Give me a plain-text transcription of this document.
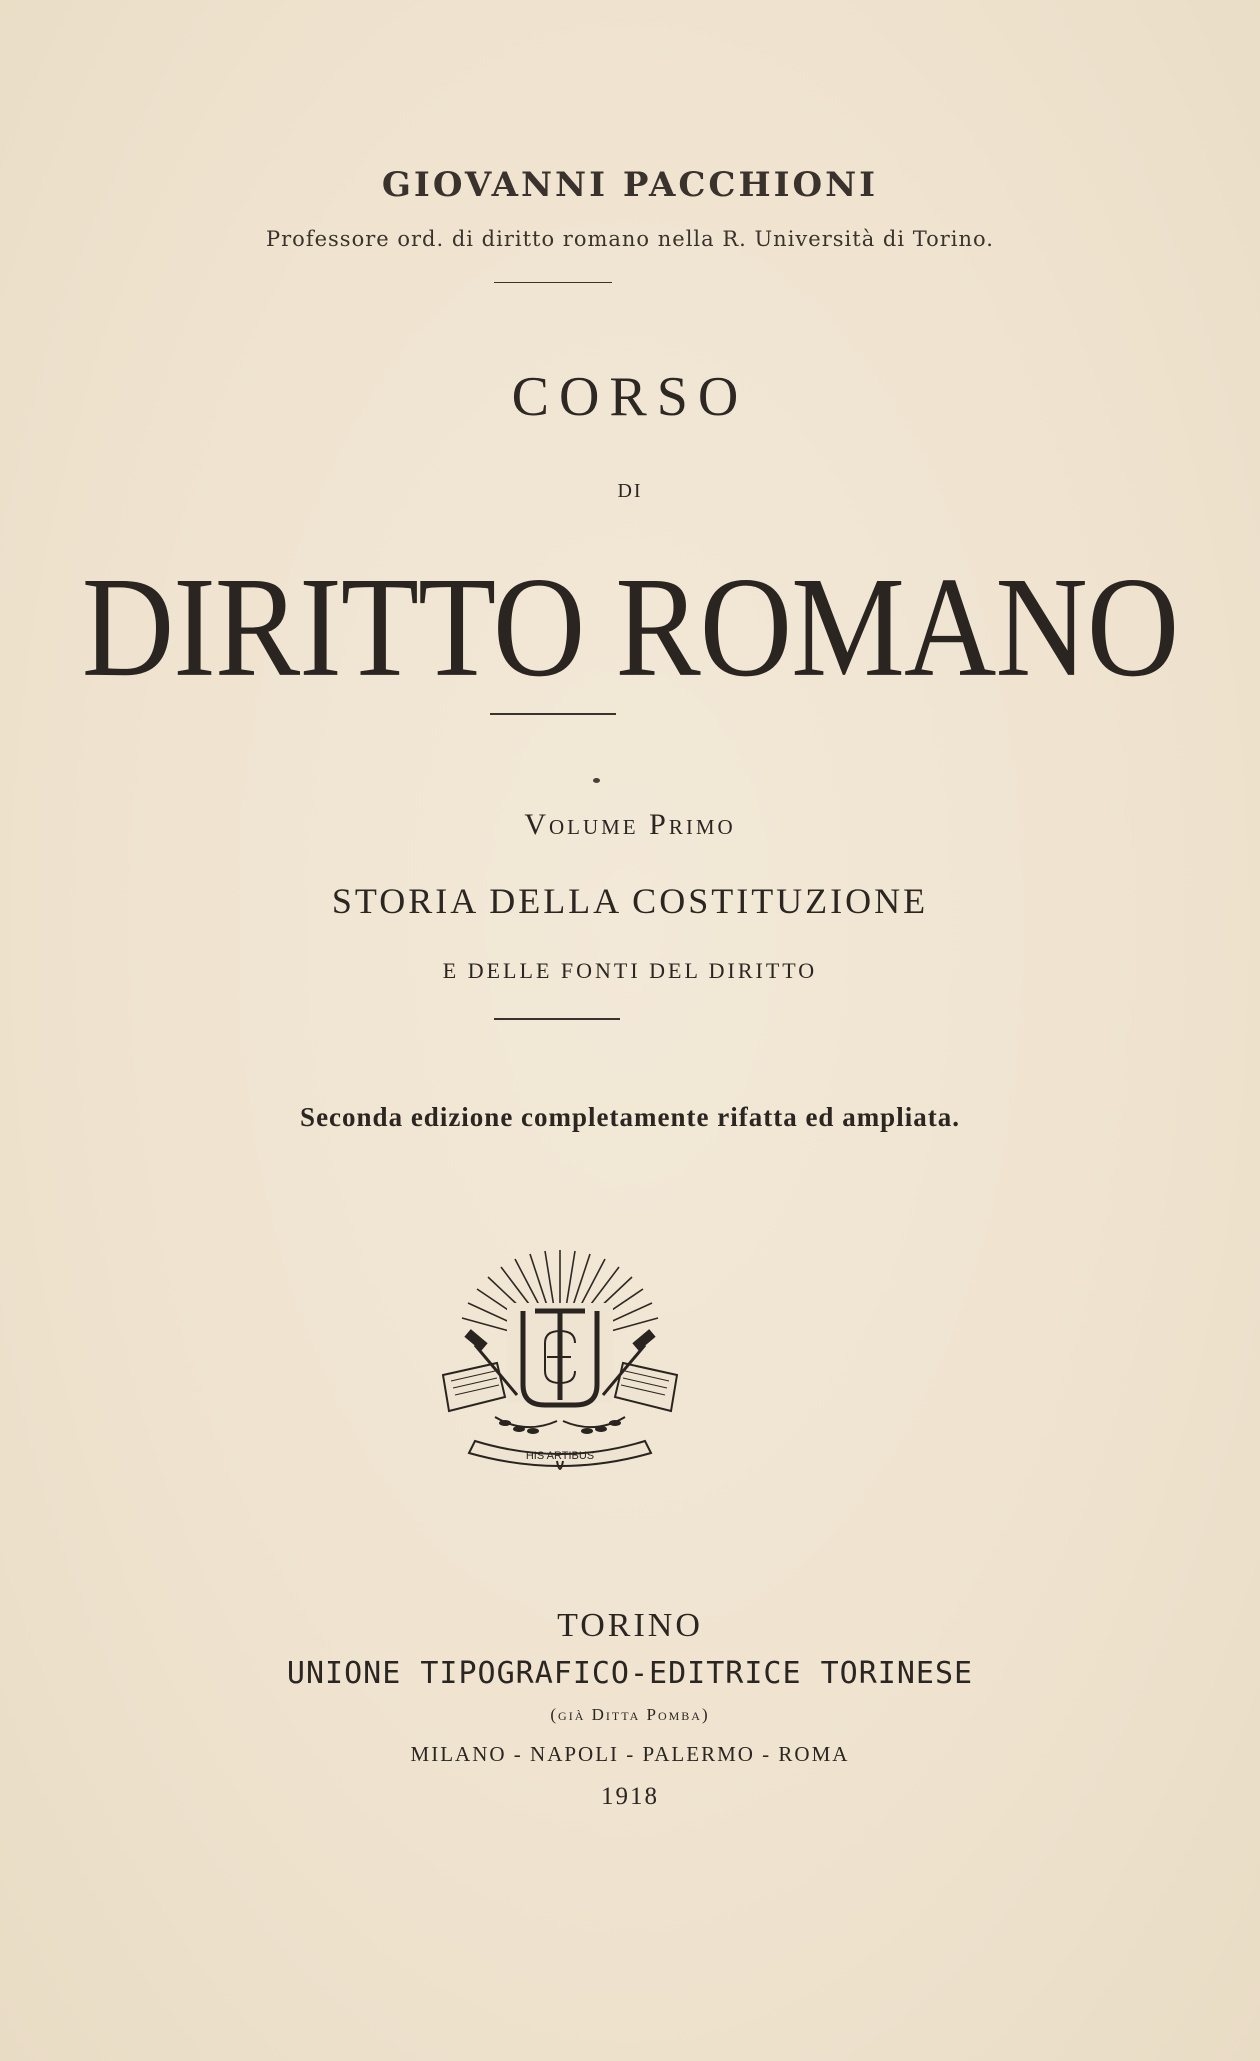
GIOVANNI PACCHIONI
Professore ord. di diritto romano nella R. Università di Torino.
CORSO
DI
DIRITTO ROMANO
Volume Primo
STORIA DELLA COSTITUZIONE
E DELLE FONTI DEL DIRITTO
Seconda edizione completamente rifatta ed ampliata.
HIS ARTIBUS
TORINO
UNIONE TIPOGRAFICO-EDITRICE TORINESE
(già Ditta Pomba)
MILANO - NAPOLI - PALERMO - ROMA
1918
